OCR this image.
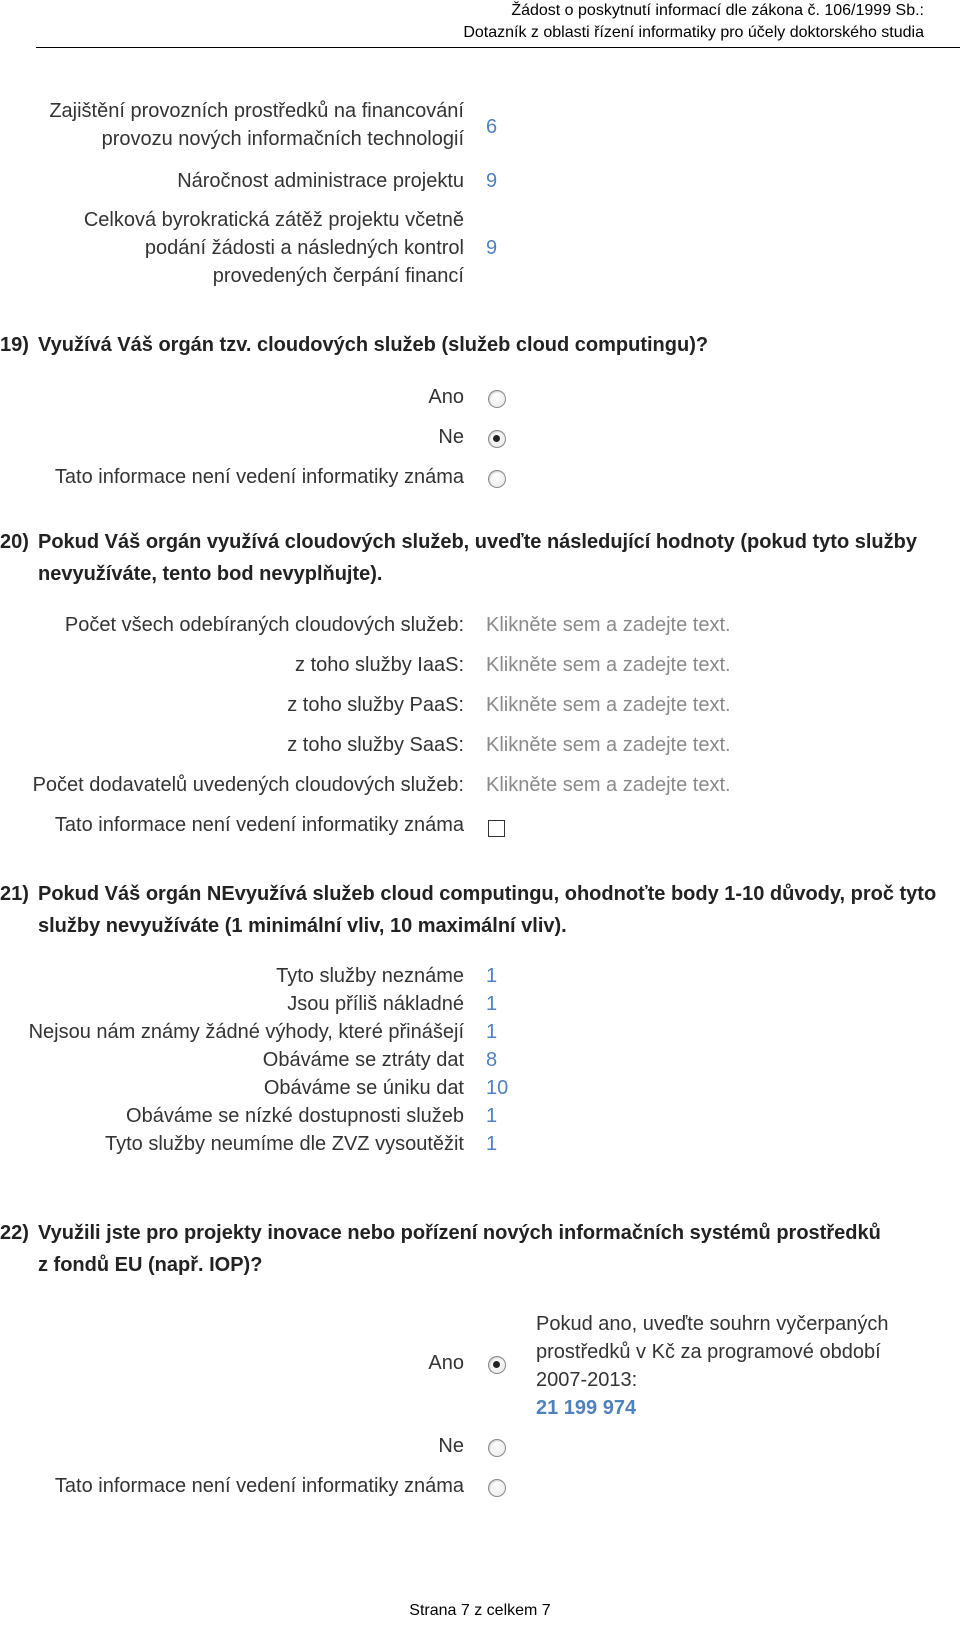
Žádost o poskytnutí informací dle zákona č. 106/1999 Sb.:
Dotazník z oblasti řízení informatiky pro účely doktorského studia
Zajištění provozních prostředků na financování
provozu nových informačních technologií
6
Náročnost administrace projektu 9
Celková byrokratická zátěž projektu včetně
podání žádosti a následných kontrol
provedených čerpání financí
9
19) Využívá Váš orgán tzv. cloudových služeb (služeb cloud computingu)?
Ano
Ne
Tato informace není vedení informatiky známa
20) Pokud Váš orgán využívá cloudových služeb, uveďte následující hodnoty (pokud tyto služby
nevyužíváte, tento bod nevyplňujte).
Počet všech odebíraných cloudových služeb: Klikněte sem a zadejte text.
z toho služby IaaS: Klikněte sem a zadejte text.
z toho služby PaaS: Klikněte sem a zadejte text.
z toho služby SaaS: Klikněte sem a zadejte text.
Počet dodavatelů uvedených cloudových služeb: Klikněte sem a zadejte text.
Tato informace není vedení informatiky známa
21) Pokud Váš orgán NEvyužívá služeb cloud computingu, ohodnoťte body 1-10 důvody, proč tyto
služby nevyužíváte (1 minimální vliv, 10 maximální vliv).
Tyto služby neznáme 1
Jsou příliš nákladné 1
Nejsou nám známy žádné výhody, které přinášejí 1
Obáváme se ztráty dat 8
Obáváme se úniku dat 10
Obáváme se nízké dostupnosti služeb 1
Tyto služby neumíme dle ZVZ vysoutěžit 1
22) Využili jste pro projekty inovace nebo pořízení nových informačních systémů prostředků
z fondů EU (např. IOP)?
Ano
Ne
Tato informace není vedení informatiky známa
Pokud ano, uveďte souhrn vyčerpaných
prostředků v Kč za programové období
2007-2013:
21 199 974
Strana 7 z celkem 7
